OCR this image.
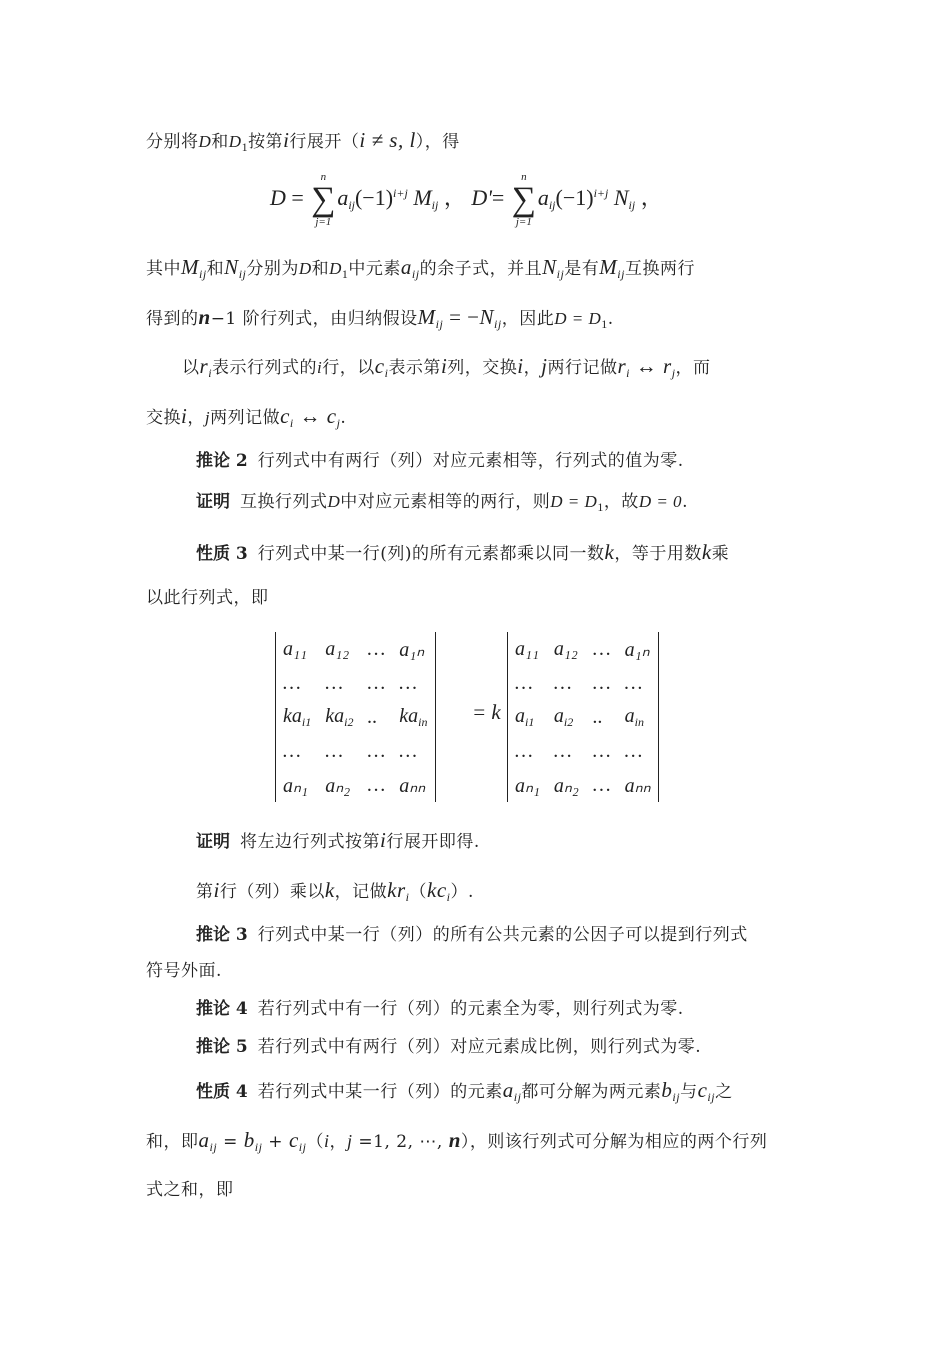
分别将D和$D_1$按第i行展开（i ≠ s, l），得
D =
n
∑
j=1
$aij(-1)^{i+j}$ Mij ， D'=
n
∑
j=1
$aij(-1)^{i+j}$ Nij ，
其中$M_{ij}$和$N_{ij}$分别为D和$D_1$中元素$a_{ij}$的余子式，并且$N_{ij}$是有$M_{ij}$互换两行
得到的n−1 阶行列式，由归纳假设$M_{ij} = -N_{ij}$，因此$D = D_1$.
以$r_i$表示行列式的i行，以$c_i$表示第i列，交换i，j两行记做$r_i$ ↔ $r_j$，而
交换i，j两列记做$c_i$ ↔ $c_j$.
推论 2 行列式中有两行（列）对应元素相等，行列式的值为零.
证明 互换行列式D中对应元素相等的两行，则$D = D_1$，故D = 0.
性质 3 行列式中某一行(列)的所有元素都乘以同一数k，等于用数k乘
以此行列式，即
a₁₁	a₁₂	…	a₁ₙ
…	…	…	…
$ka_{i1}$	$ka_{i2}$	..	$ka_{in}$
…	…	…	…
aₙ₁	aₙ₂	…	aₙₙ
= k
a₁₁	a₁₂	…	a₁ₙ
…	…	…	…
$a_{i1}$	$a_{i2}$	..	$a_{in}$
…	…	…	…
aₙ₁	aₙ₂	…	aₙₙ
证明 将左边行列式按第i行展开即得.
第i行（列）乘以k，记做$kr_i(kc_i)$.
推论 3 行列式中某一行（列）的所有公共元素的公因子可以提到行列式
符号外面.
推论 4 若行列式中有一行（列）的元素全为零，则行列式为零.
推论 5 若行列式中有两行（列）对应元素成比例，则行列式为零.
性质 4 若行列式中某一行（列）的元素$a_{ij}$都可分解为两元素$b_{ij}$与$c_{ij}$之
和，即$a_{ij} = b_{ij} + c_{ij}(i$，j =1, 2, ⋯, n），则该行列式可分解为相应的两个行列
式之和，即
